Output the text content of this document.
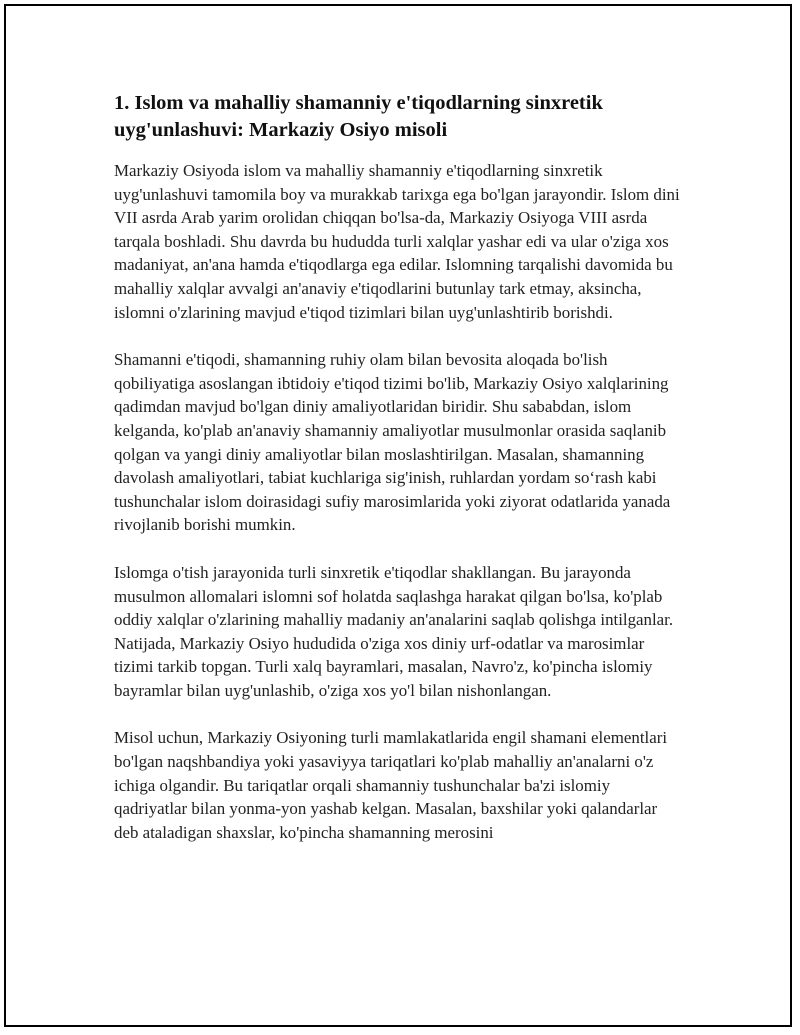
1. Islom va mahalliy shamanniy e'tiqodlarning sinxretik uyg'unlashuvi: Markaziy Osiyo misoli

Markaziy Osiyoda islom va mahalliy shamanniy e'tiqodlarning sinxretik uyg'unlashuvi tamomila boy va murakkab tarixga ega bo'lgan jarayondir. Islom dini VII asrda Arab yarim orolidan chiqqan bo'lsa-da, Markaziy Osiyoga VIII asrda tarqala boshladi. Shu davrda bu hududda turli xalqlar yashar edi va ular o'ziga xos madaniyat, an'ana hamda e'tiqodlarga ega edilar. Islomning tarqalishi davomida bu mahalliy xalqlar avvalgi an'anaviy e'tiqodlarini butunlay tark etmay, aksincha, islomni o'zlarining mavjud e'tiqod tizimlari bilan uyg'unlashtirib borishdi.

Shamanni e'tiqodi, shamanning ruhiy olam bilan bevosita aloqada bo'lish qobiliyatiga asoslangan ibtidoiy e'tiqod tizimi bo'lib, Markaziy Osiyo xalqlarining qadimdan mavjud bo'lgan diniy amaliyotlaridan biridir. Shu sababdan, islom kelganda, ko'plab an'anaviy shamanniy amaliyotlar musulmonlar orasida saqlanib qolgan va yangi diniy amaliyotlar bilan moslashtirilgan. Masalan, shamanning davolash amaliyotlari, tabiat kuchlariga sig'inish, ruhlardan yordam so‘rash kabi tushunchalar islom doirasidagi sufiy marosimlarida yoki ziyorat odatlarida yanada rivojlanib borishi mumkin.

Islomga o'tish jarayonida turli sinxretik e'tiqodlar shakllangan. Bu jarayonda musulmon allomalari islomni sof holatda saqlashga harakat qilgan bo'lsa, ko'plab oddiy xalqlar o'zlarining mahalliy madaniy an'analarini saqlab qolishga intilganlar. Natijada, Markaziy Osiyo hududida o'ziga xos diniy urf-odatlar va marosimlar tizimi tarkib topgan. Turli xalq bayramlari, masalan, Navro'z, ko'pincha islomiy bayramlar bilan uyg'unlashib, o'ziga xos yo'l bilan nishonlangan.

Misol uchun, Markaziy Osiyoning turli mamlakatlarida engil shamani elementlari bo'lgan naqshbandiya yoki yasaviyya tariqatlari ko'plab mahalliy an'analarni o'z ichiga olgandir. Bu tariqatlar orqali shamanniy tushunchalar ba'zi islomiy qadriyatlar bilan yonma-yon yashab kelgan. Masalan, baxshilar yoki qalandarlar deb ataladigan shaxslar, ko'pincha shamanning merosini
